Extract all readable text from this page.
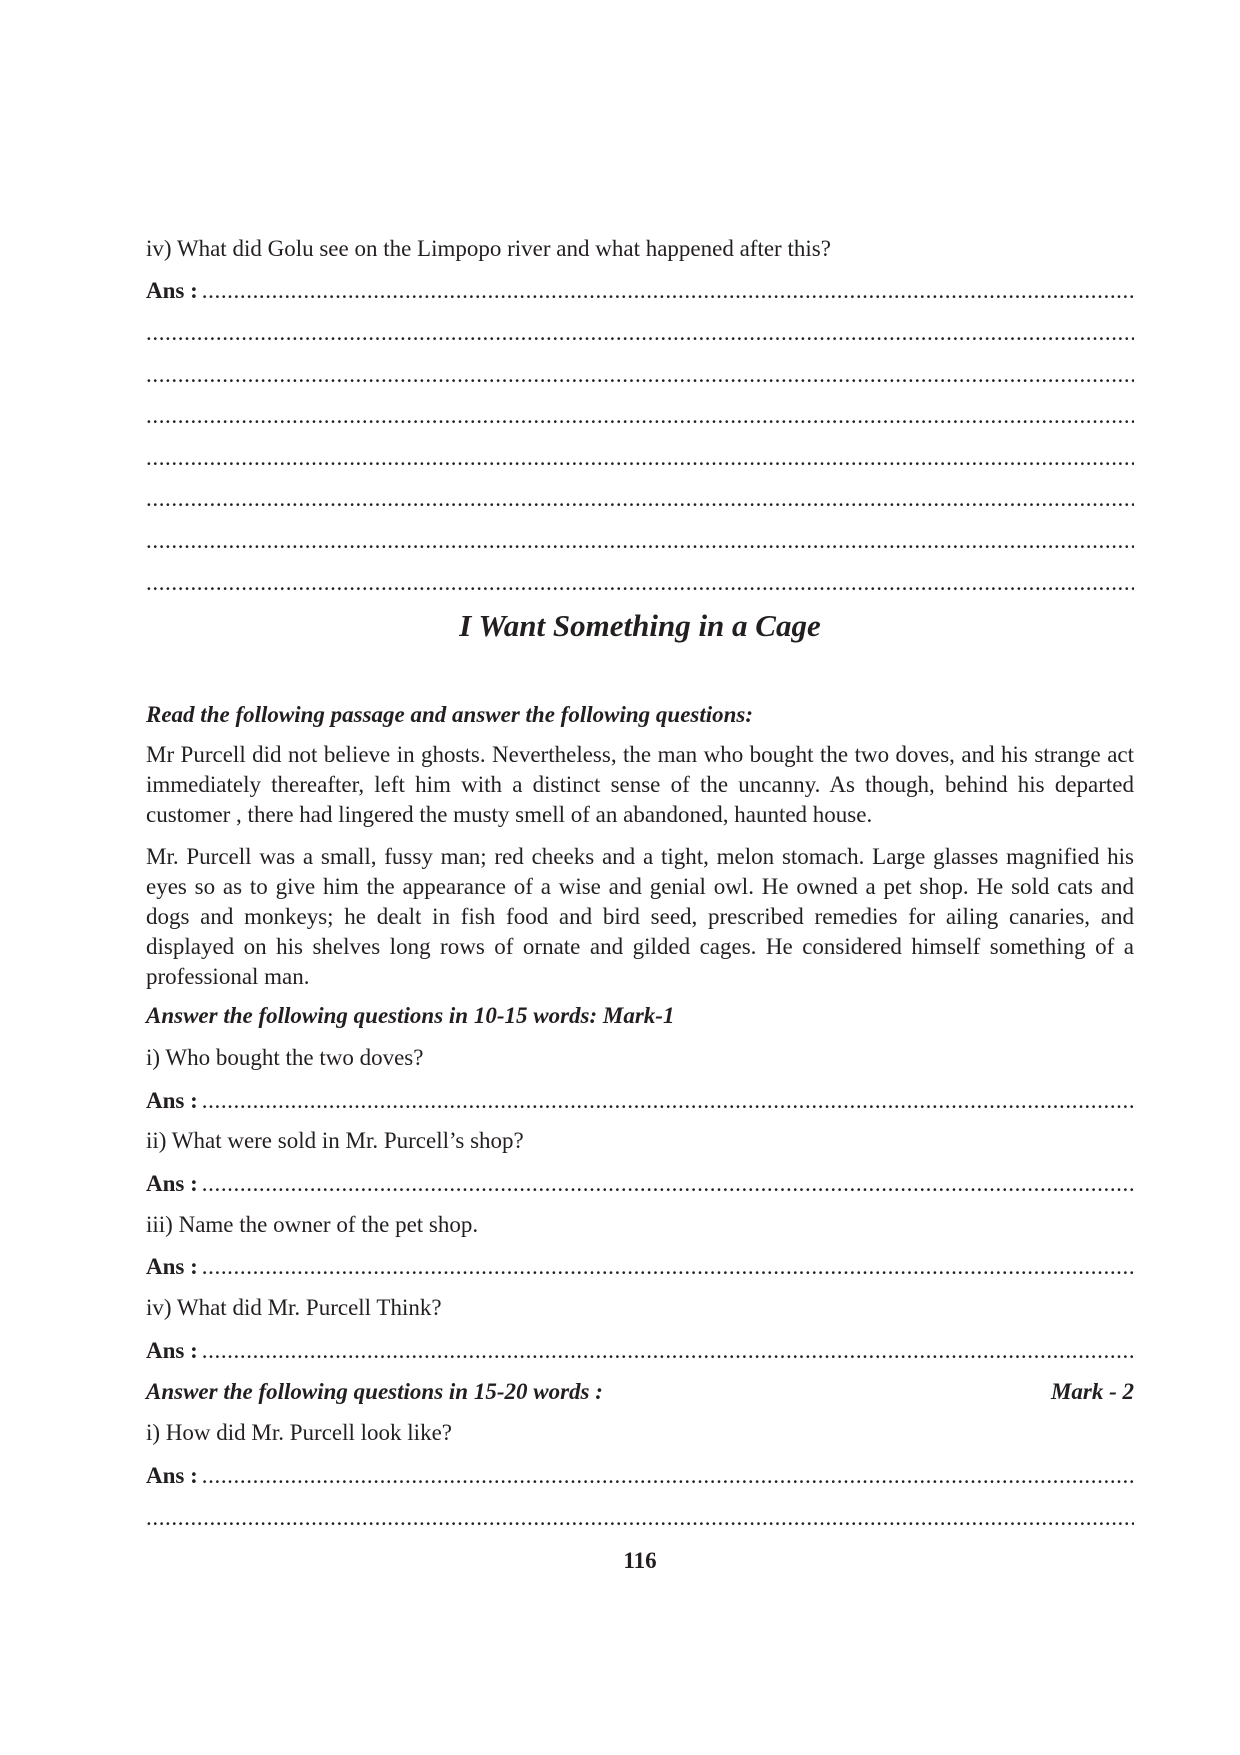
iv) What did Golu see on the Limpopo river and what happened after this?
Ans :
.....
.....
.....
.....
.....
.....
.....
.....
I Want Something in a Cage
Read the following passage and answer the following questions:
Mr Purcell did not believe in ghosts. Nevertheless, the man who bought the two doves, and his strange act immediately thereafter, left him with a distinct sense of the uncanny. As though, behind his departed customer , there had lingered the musty smell of an abandoned, haunted house.
Mr. Purcell was a small, fussy man; red cheeks and a tight, melon stomach. Large glasses magnified his eyes so as to give him the appearance of a wise and genial owl. He owned a pet shop. He sold cats and dogs and monkeys; he dealt in fish food and bird seed, prescribed remedies for ailing canaries, and displayed on his shelves long rows of ornate and gilded cages. He considered himself something of a professional man.
Answer the following questions in 10-15 words: Mark-1
i) Who bought the two doves?
Ans :
.....
ii) What were sold in Mr. Purcell’s shop?
Ans :
.....
iii) Name the owner of the pet shop.
Ans :
.....
iv) What did Mr. Purcell Think?
Ans :
.....
Answer the following questions in 15-20 words :	Mark - 2
i) How did Mr. Purcell look like?
Ans :
.....
.....
116
